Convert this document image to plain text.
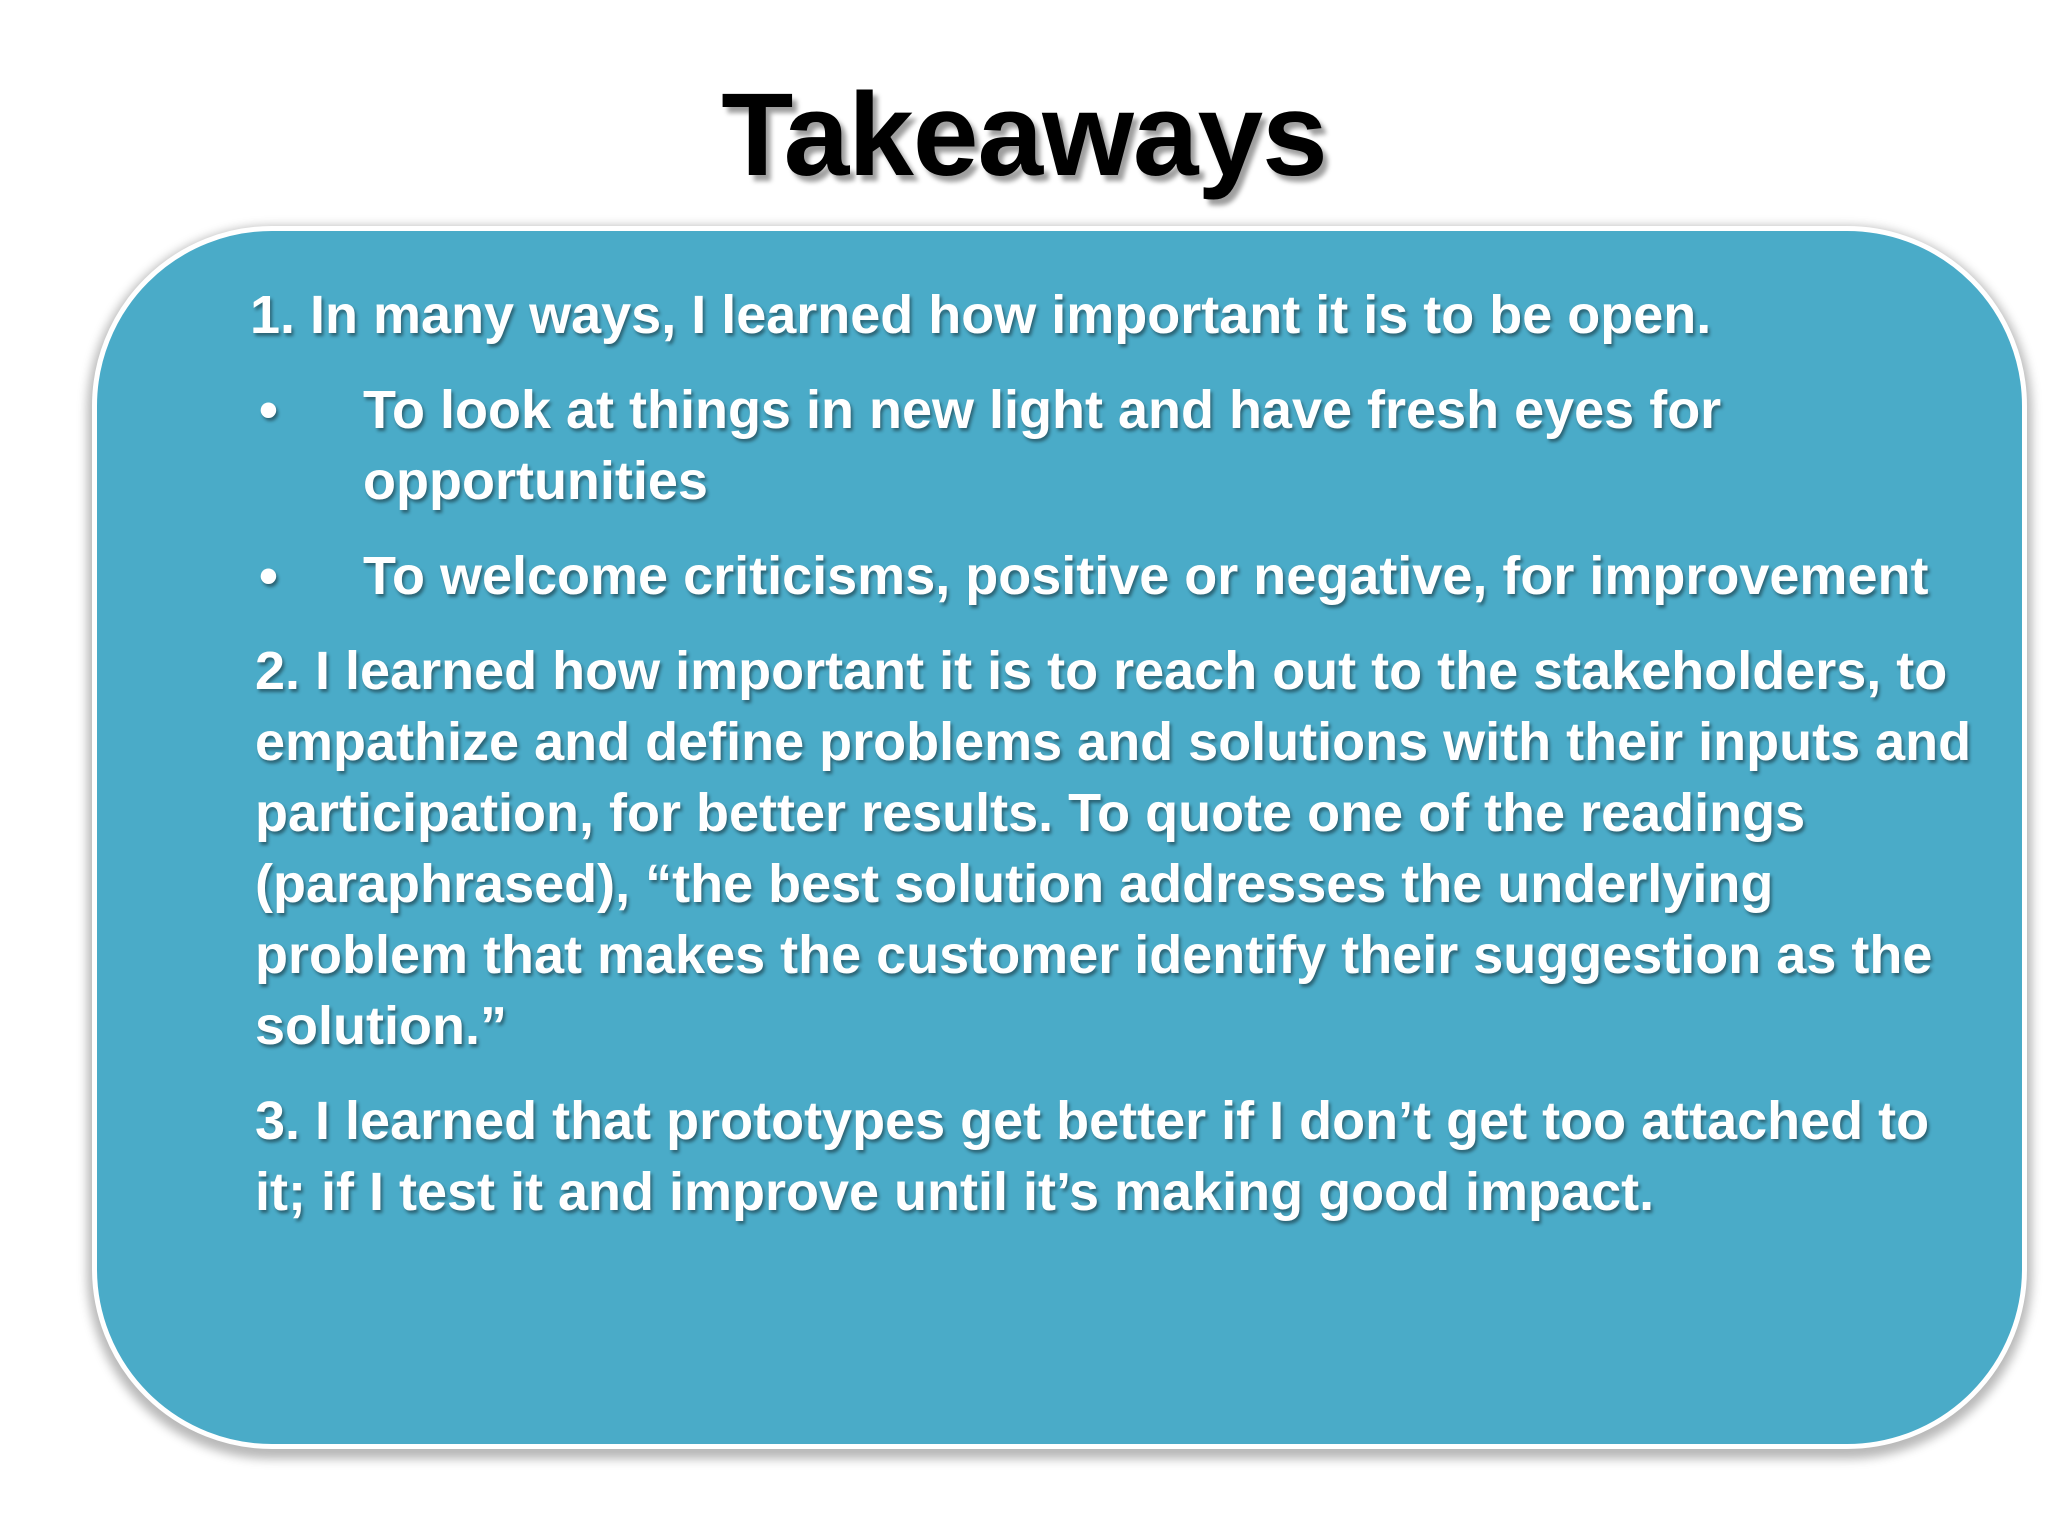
Takeaways

1. In many ways, I learned how important it is to be open.

•	To look at things in new light and have fresh eyes for opportunities
•	To welcome criticisms, positive or negative, for improvement

2. I learned how important it is to reach out to the stakeholders, to empathize and define problems and solutions with their inputs and participation, for better results. To quote one of the readings (paraphrased), “the best solution addresses the underlying problem that makes the customer identify their suggestion as the solution.”

3. I learned that prototypes get better if I don’t get too attached to it; if I test it and improve until it’s making good impact.
